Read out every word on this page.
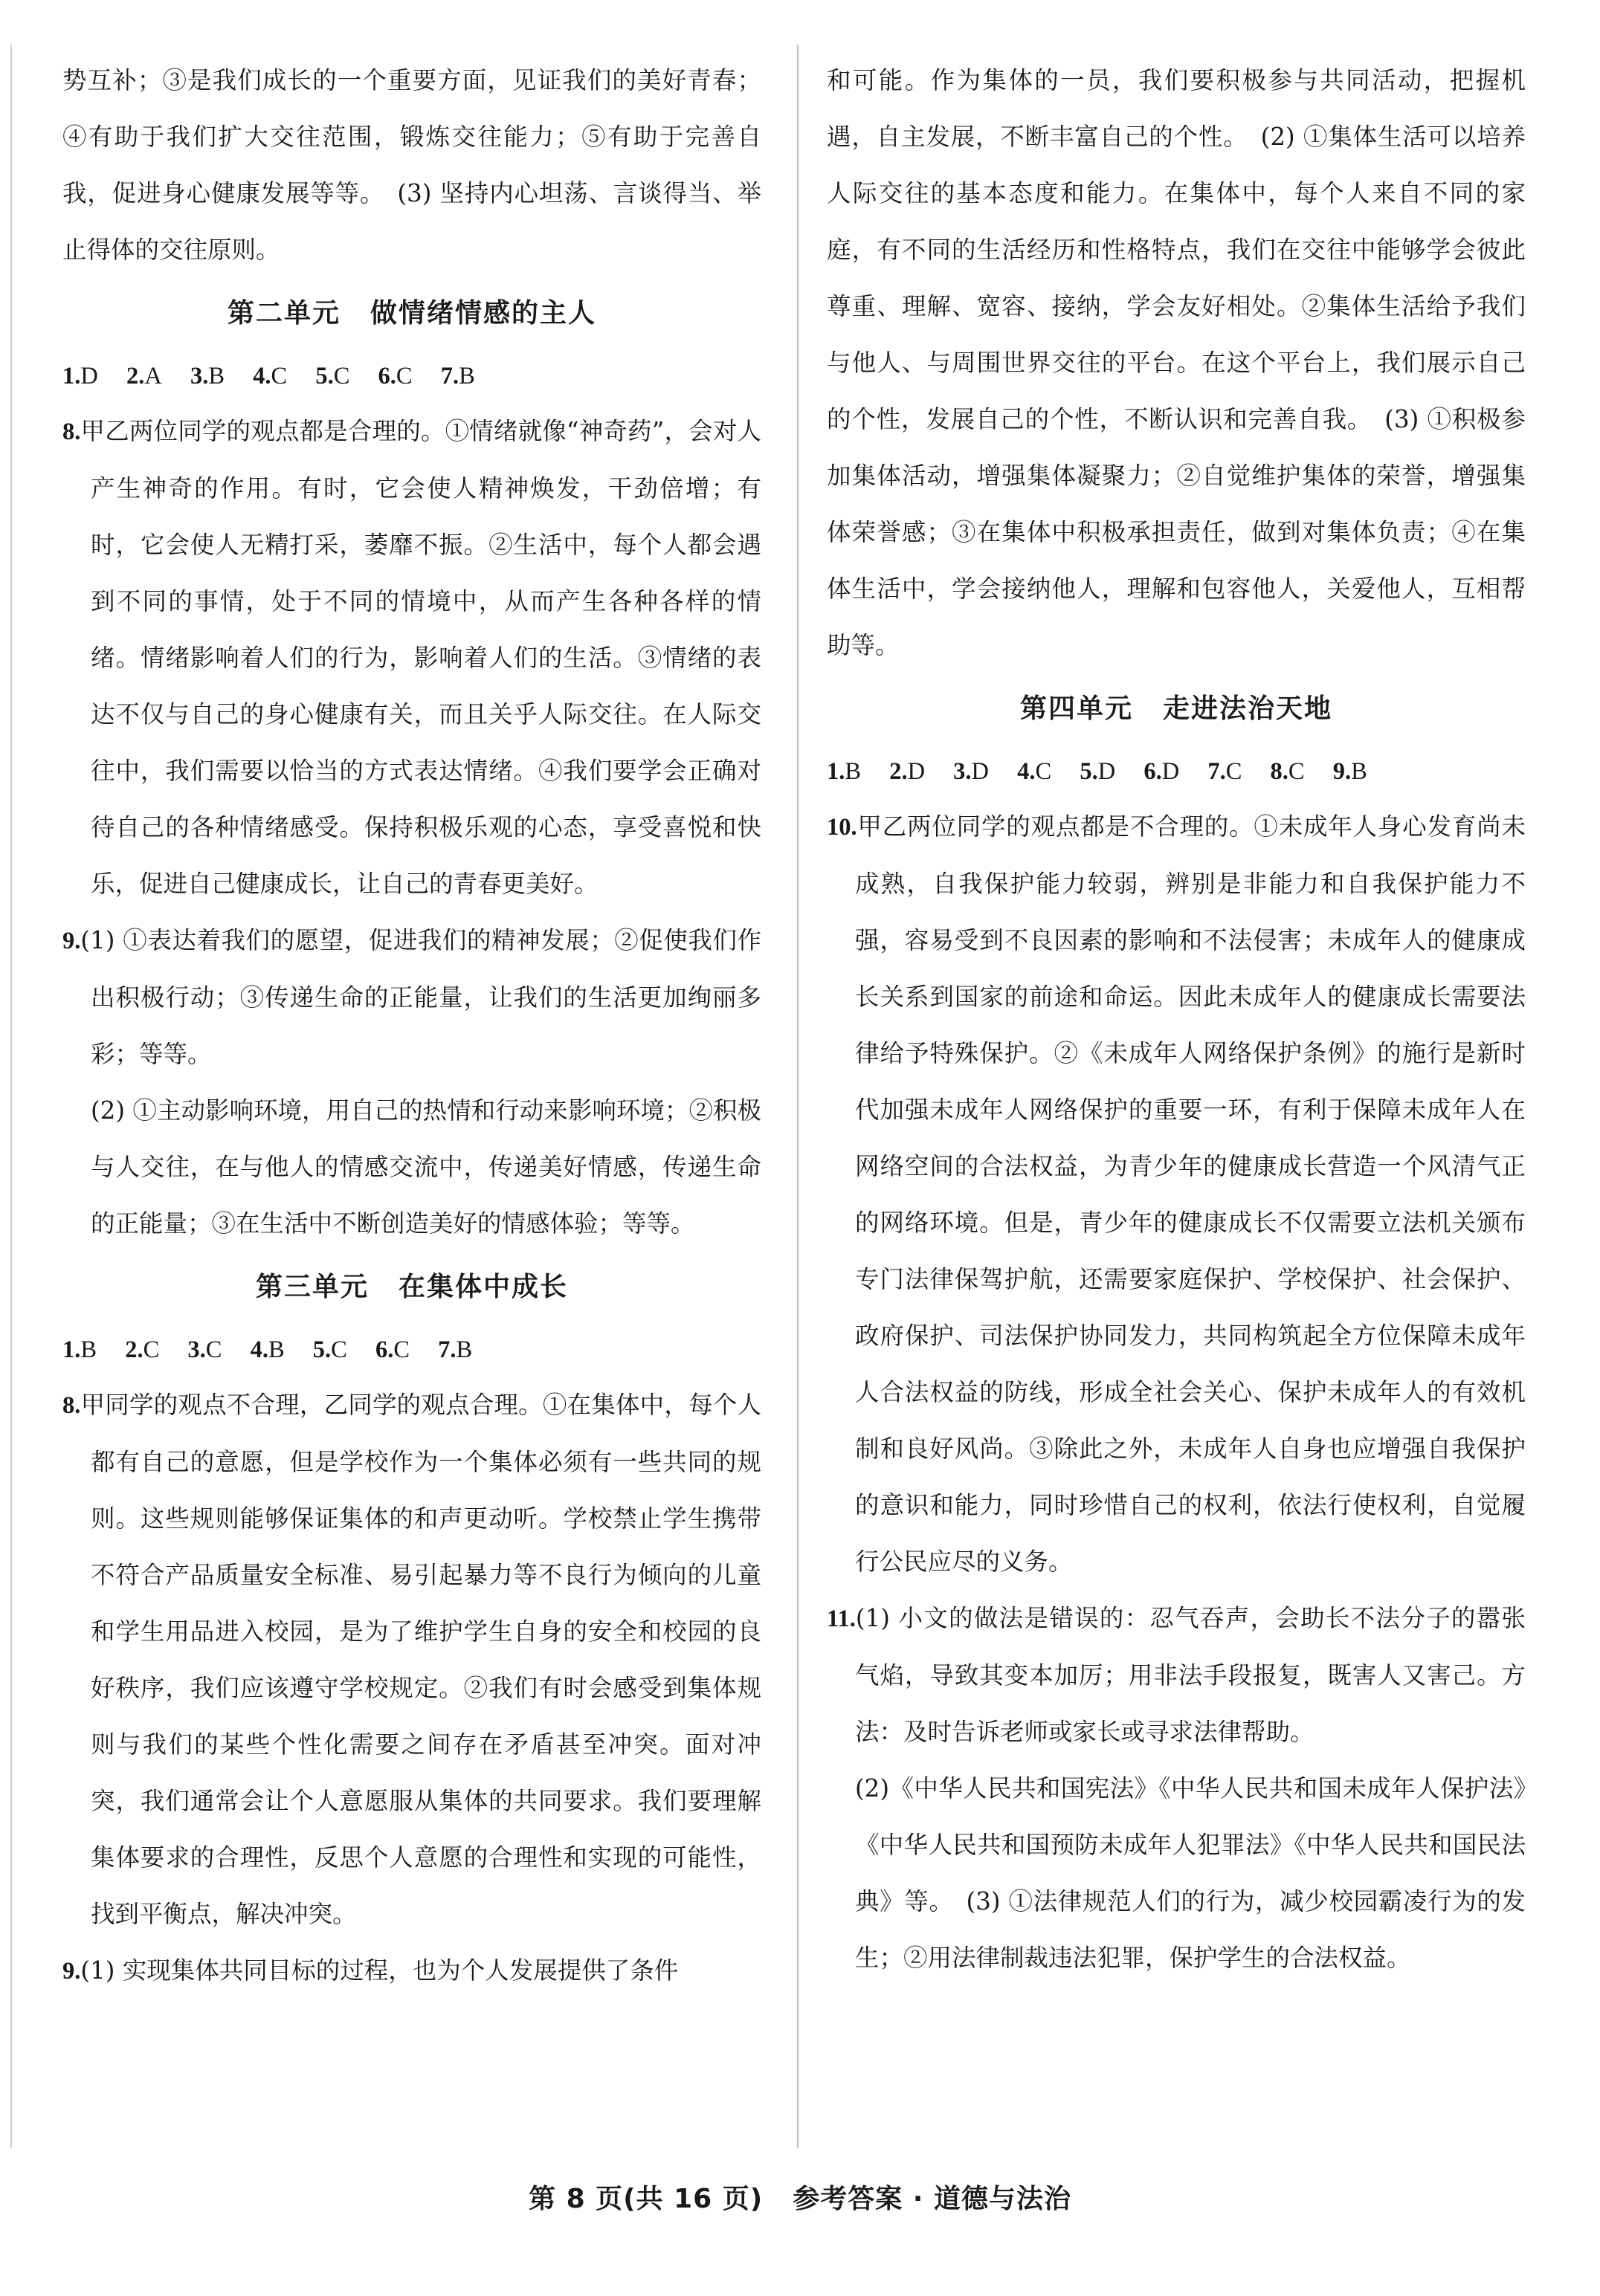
势互补；③是我们成长的一个重要方面，见证我们的美好青春；④有助于我们扩大交往范围，锻炼交往能力；⑤有助于完善自我，促进身心健康发展等等。　(3) 坚持内心坦荡、言谈得当、举止得体的交往原则。

第二单元 做情绪情感的主人

1.D 2.A 3.B 4.C 5.C 6.C 7.B

8.甲乙两位同学的观点都是合理的。①情绪就像“神奇药”，会对人产生神奇的作用。有时，它会使人精神焕发，干劲倍增；有时，它会使人无精打采，萎靡不振。②生活中，每个人都会遇到不同的事情，处于不同的情境中，从而产生各种各样的情绪。情绪影响着人们的行为，影响着人们的生活。③情绪的表达不仅与自己的身心健康有关，而且关乎人际交往。在人际交往中，我们需要以恰当的方式表达情绪。④我们要学会正确对待自己的各种情绪感受。保持积极乐观的心态，享受喜悦和快乐，促进自己健康成长，让自己的青春更美好。

9.(1) ①表达着我们的愿望，促进我们的精神发展；②促使我们作出积极行动；③传递生命的正能量，让我们的生活更加绚丽多彩；等等。

(2) ①主动影响环境，用自己的热情和行动来影响环境；②积极与人交往，在与他人的情感交流中，传递美好情感，传递生命的正能量；③在生活中不断创造美好的情感体验；等等。

第三单元 在集体中成长

1.B 2.C 3.C 4.B 5.C 6.C 7.B

8.甲同学的观点不合理，乙同学的观点合理。①在集体中，每个人都有自己的意愿，但是学校作为一个集体必须有一些共同的规则。这些规则能够保证集体的和声更动听。学校禁止学生携带不符合产品质量安全标准、易引起暴力等不良行为倾向的儿童和学生用品进入校园，是为了维护学生自身的安全和校园的良好秩序，我们应该遵守学校规定。②我们有时会感受到集体规则与我们的某些个性化需要之间存在矛盾甚至冲突。面对冲突，我们通常会让个人意愿服从集体的共同要求。我们要理解集体要求的合理性，反思个人意愿的合理性和实现的可能性，找到平衡点，解决冲突。

9.(1) 实现集体共同目标的过程，也为个人发展提供了条件

和可能。作为集体的一员，我们要积极参与共同活动，把握机遇，自主发展，不断丰富自己的个性。　(2) ①集体生活可以培养人际交往的基本态度和能力。在集体中，每个人来自不同的家庭，有不同的生活经历和性格特点，我们在交往中能够学会彼此尊重、理解、宽容、接纳，学会友好相处。②集体生活给予我们与他人、与周围世界交往的平台。在这个平台上，我们展示自己的个性，发展自己的个性，不断认识和完善自我。　(3) ①积极参加集体活动，增强集体凝聚力；②自觉维护集体的荣誉，增强集体荣誉感；③在集体中积极承担责任，做到对集体负责；④在集体生活中，学会接纳他人，理解和包容他人，关爱他人，互相帮助等。

第四单元 走进法治天地

1.B 2.D 3.D 4.C 5.D 6.D 7.C 8.C 9.B

10.甲乙两位同学的观点都是不合理的。①未成年人身心发育尚未成熟，自我保护能力较弱，辨别是非能力和自我保护能力不强，容易受到不良因素的影响和不法侵害；未成年人的健康成长关系到国家的前途和命运。因此未成年人的健康成长需要法律给予特殊保护。②《未成年人网络保护条例》的施行是新时代加强未成年人网络保护的重要一环，有利于保障未成年人在网络空间的合法权益，为青少年的健康成长营造一个风清气正的网络环境。但是，青少年的健康成长不仅需要立法机关颁布专门法律保驾护航，还需要家庭保护、学校保护、社会保护、政府保护、司法保护协同发力，共同构筑起全方位保障未成年人合法权益的防线，形成全社会关心、保护未成年人的有效机制和良好风尚。③除此之外，未成年人自身也应增强自我保护的意识和能力，同时珍惜自己的权利，依法行使权利，自觉履行公民应尽的义务。

11.(1) 小文的做法是错误的：忍气吞声，会助长不法分子的嚣张气焰，导致其变本加厉；用非法手段报复，既害人又害己。方法：及时告诉老师或家长或寻求法律帮助。

(2)《中华人民共和国宪法》《中华人民共和国未成年人保护法》《中华人民共和国预防未成年人犯罪法》《中华人民共和国民法典》等。　(3) ①法律规范人们的行为，减少校园霸凌行为的发生；②用法律制裁违法犯罪，保护学生的合法权益。

第 8 页(共 16 页) 参考答案 · 道德与法治
